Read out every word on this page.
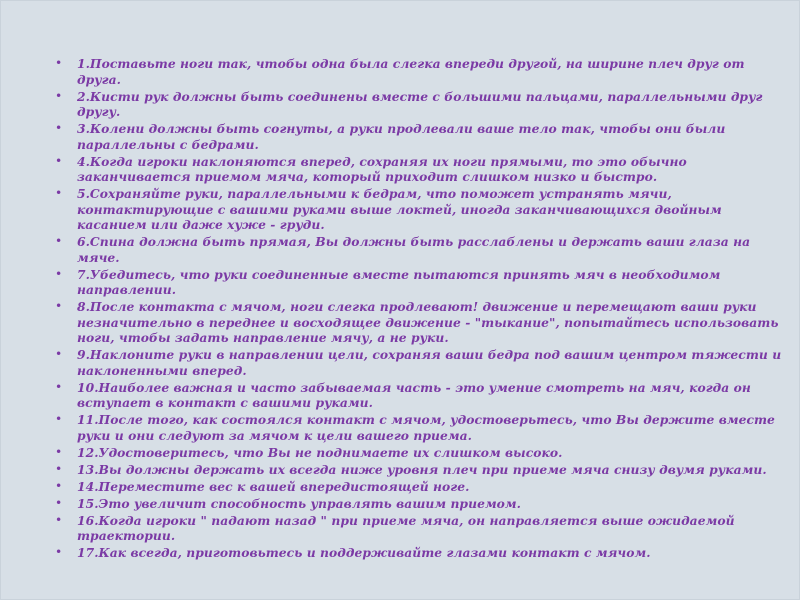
•	1.Поставьте ноги так, чтобы одна была слегка впереди другой, на ширине плеч друг от друга.
•	2.Кисти рук должны быть соединены вместе с большими пальцами, параллельными друг другу.
•	3.Колени должны быть согнуты, а руки продлевали ваше тело так, чтобы они были параллельны с бедрами.
•	4.Когда игроки наклоняются вперед, сохраняя их ноги прямыми, то это обычно заканчивается приемом мяча, который приходит слишком низко и быстро.
•	5.Сохраняйте руки, параллельными к бедрам, что поможет устранять мячи, контактирующие с вашими руками выше локтей, иногда заканчивающихся двойным касанием или даже хуже - груди.
•	6.Спина должна быть прямая, Вы должны быть расслаблены и держать ваши глаза на мяче.
•	7.Убедитесь, что руки соединенные вместе пытаются принять мяч в необходимом направлении.
•	8.После контакта с мячом, ноги слегка продлевают! движение и перемещают ваши руки незначительно в переднее и восходящее движение - "тыкание", попытайтесь использовать ноги, чтобы задать направление мячу, а не руки.
•	9.Наклоните руки в направлении цели, сохраняя ваши бедра под вашим центром тяжести и наклоненными вперед.
•	10.Наиболее важная и часто забываемая часть - это умение смотреть на мяч, когда он вступает в контакт с вашими руками.
•	11.После того, как состоялся контакт с мячом, удостоверьтесь, что Вы держите вместе руки и они следуют за мячом к цели вашего приема.
•	12.Удостоверитесь, что Вы не поднимаете их слишком высоко.
•	13.Вы должны держать их всегда ниже уровня плеч при приеме мяча снизу двумя руками.
•	14.Переместите вес к вашей впередистоящей ноге.
•	15.Это увеличит способность управлять вашим приемом.
•	16.Когда игроки " падают назад " при приеме мяча, он направляется выше ожидаемой траектории.
•	17.Как всегда, приготовьтесь и поддерживайте глазами контакт с мячом.
